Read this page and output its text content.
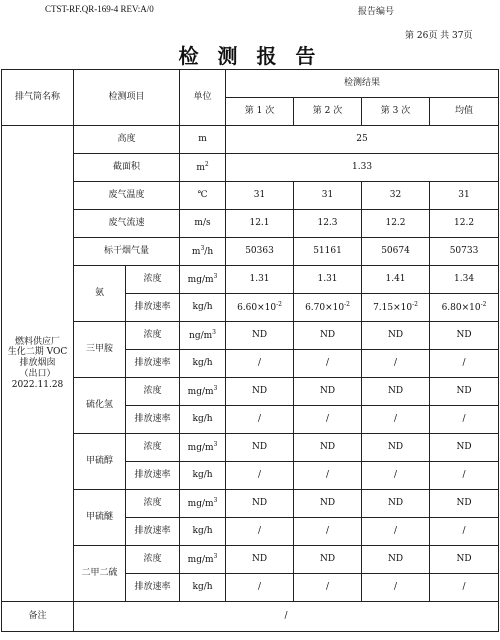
CTST-RF.QR-169-4 REV:A/0	报告编号
第 26页 共 37页
检 测 报 告
排气筒名称	检测项目		单位	检测结果			
				第 1 次	第 2 次	第 3 次	均值

燃料供应厂
生化二期 VOC
排放烟囱
（出口）
2022.11.28	高度		m	25			
	截面积		$m^2$	1.33			
	废气温度		℃	31	31	32	31
	废气流速		m/s	12.1	12.3	12.2	12.2
	标干烟气量		$m^3/h$	50363	51161	50674	50733
	氨	浓度	$mg/m^3$	1.31	1.31	1.41	1.34
		排放速率	kg/h	$6.60\times 10^{-2}$	$6.70\times 10^{-2}$	$7.15\times 10^{-2}$	$6.80\times 10^{-2}$
	三甲胺	浓度	$ng/m^3$	ND	ND	ND	ND
		排放速率	kg/h	/	/	/	/
	硫化氢	浓度	$mg/m^3$	ND	ND	ND	ND
		排放速率	kg/h	/	/	/	/
	甲硫醇	浓度	$mg/m^3$	ND	ND	ND	ND
		排放速率	kg/h	/	/	/	/
	甲硫醚	浓度	$mg/m^3$	ND	ND	ND	ND
		排放速率	kg/h	/	/	/	/
	二甲二硫	浓度	$mg/m^3$	ND	ND	ND	ND
		排放速率	kg/h	/	/	/	/
备注	/						
